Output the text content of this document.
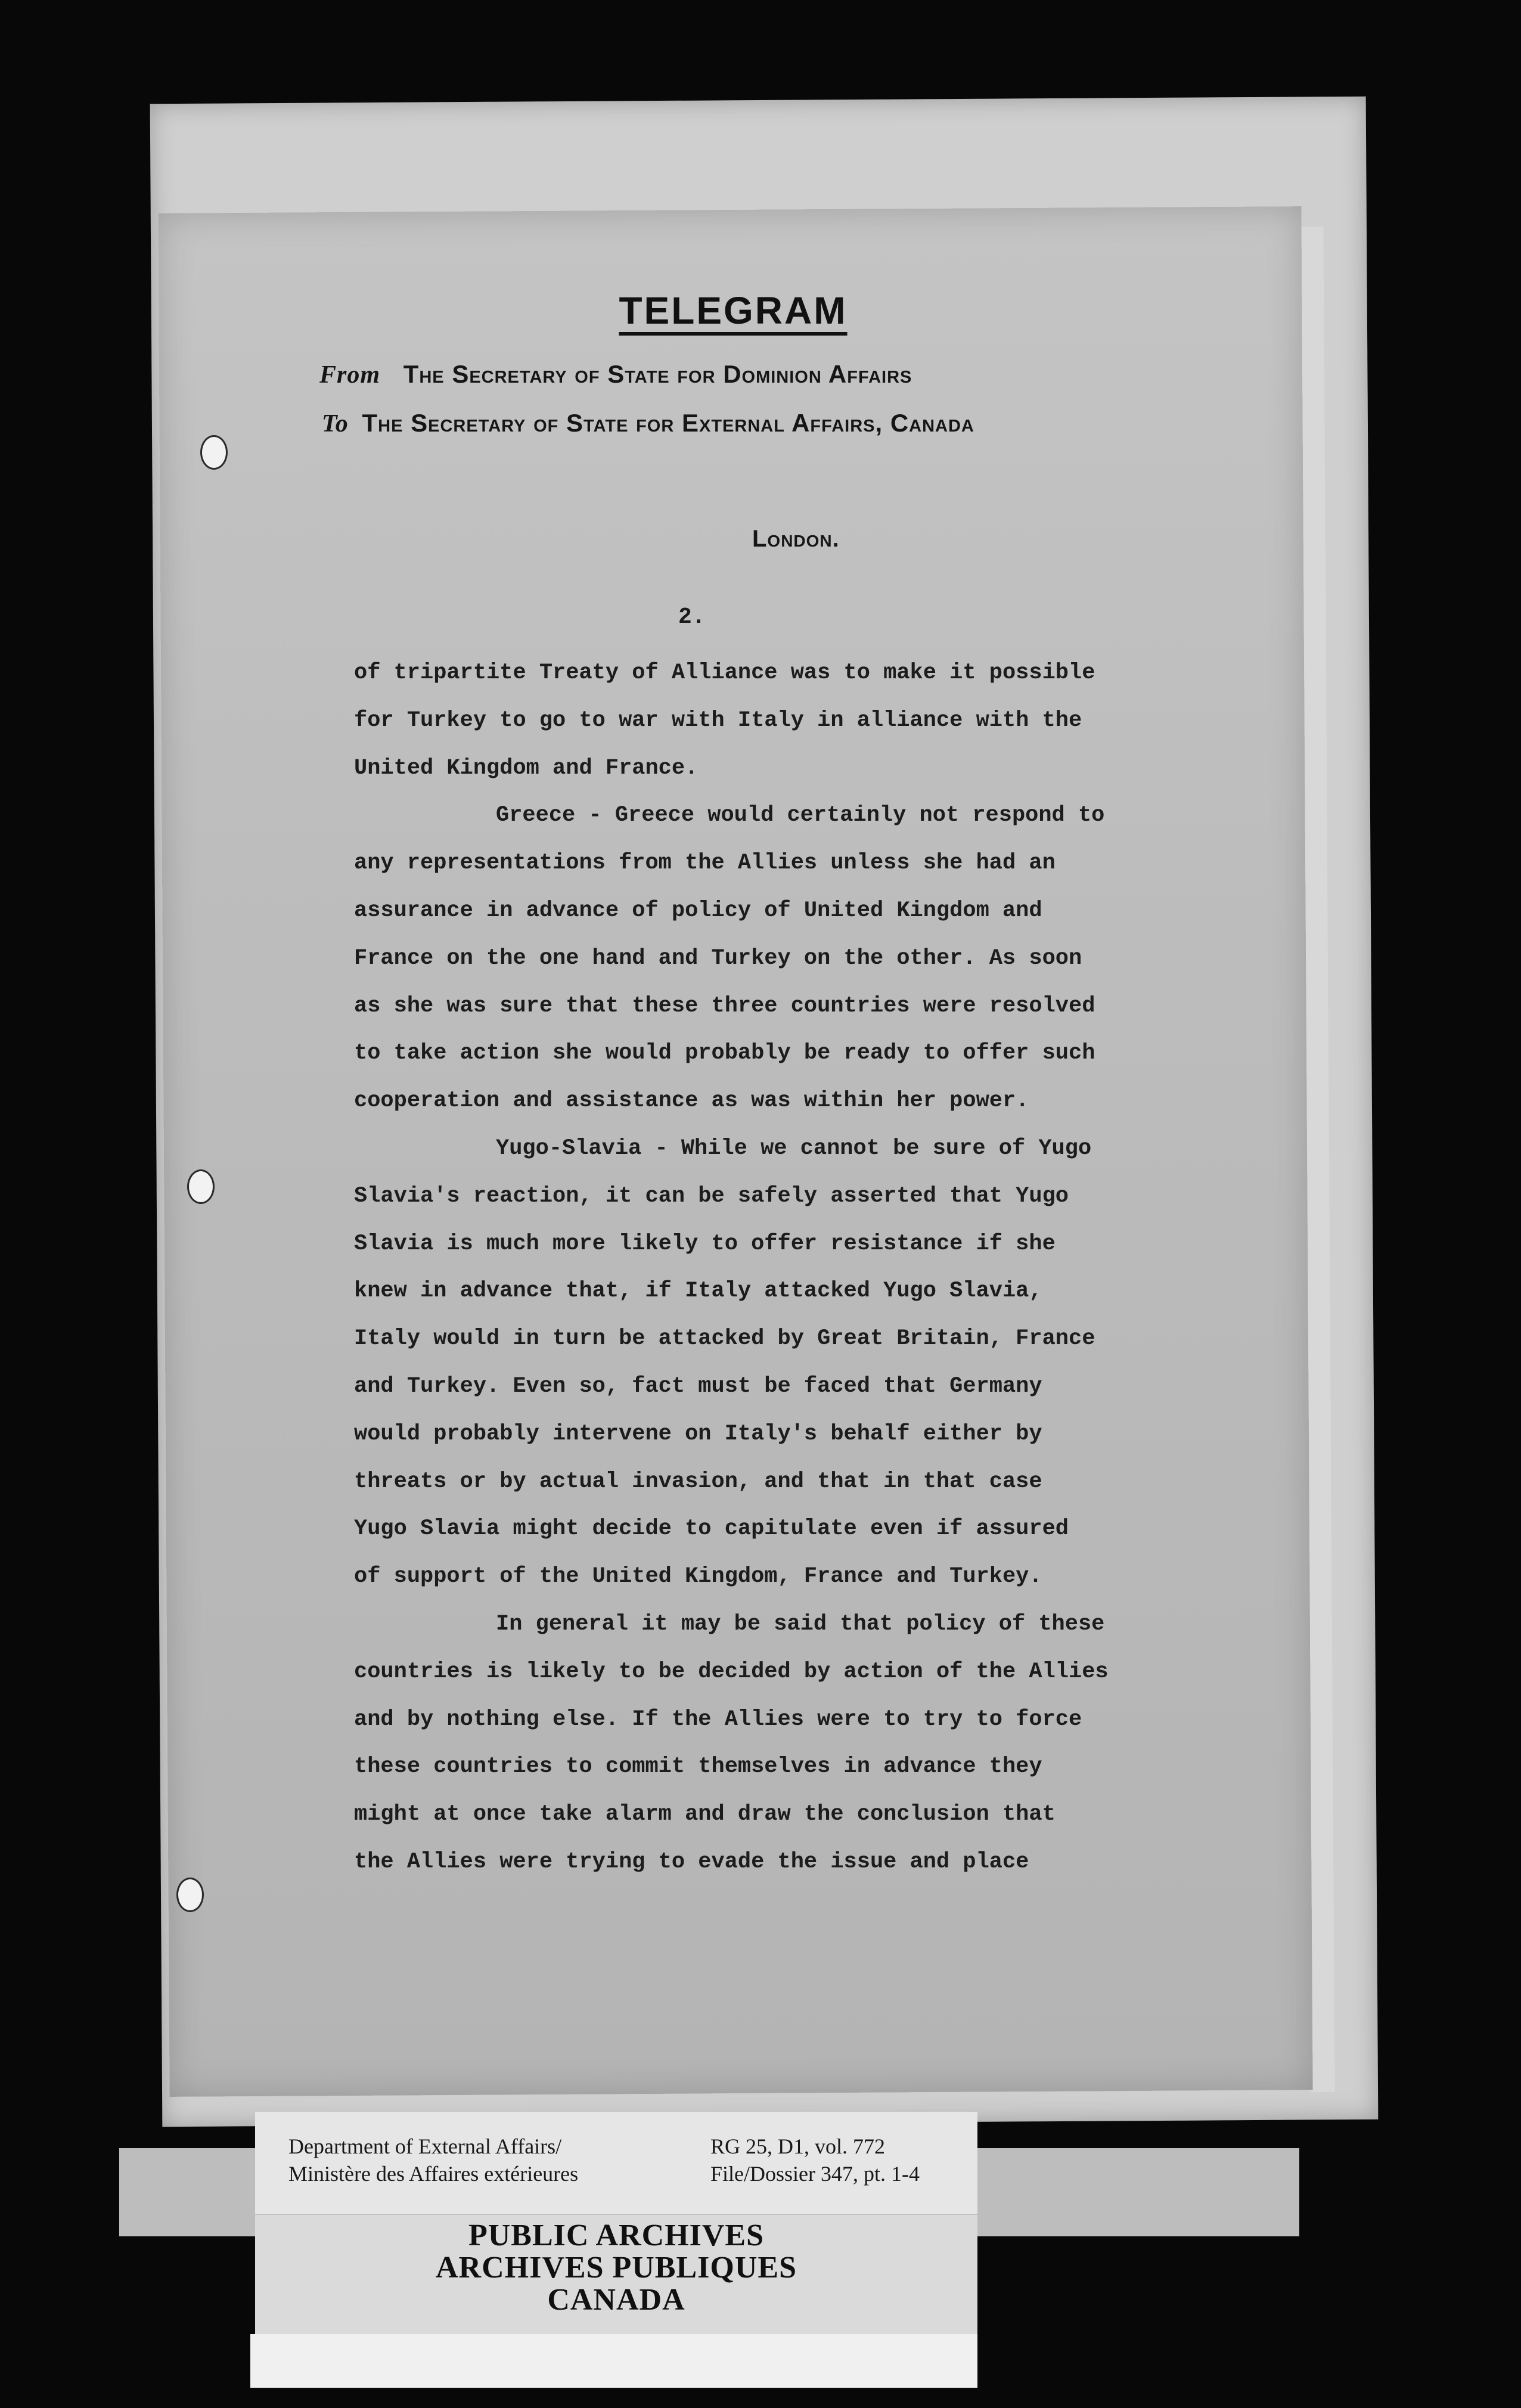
TELEGRAM
From The Secretary of State for Dominion Affairs
To The Secretary of State for External Affairs, Canada
London.
2.
of tripartite Treaty of Alliance was to make it possible
for Turkey to go to war with Italy in alliance with the
United Kingdom and France.
Greece - Greece would certainly not respond to
any representations from the Allies unless she had an
assurance in advance of policy of United Kingdom and
France on the one hand and Turkey on the other. As soon
as she was sure that these three countries were resolved
to take action she would probably be ready to offer such
cooperation and assistance as was within her power.
Yugo-Slavia - While we cannot be sure of Yugo
Slavia's reaction, it can be safely asserted that Yugo
Slavia is much more likely to offer resistance if she
knew in advance that, if Italy attacked Yugo Slavia,
Italy would in turn be attacked by Great Britain, France
and Turkey. Even so, fact must be faced that Germany
would probably intervene on Italy's behalf either by
threats or by actual invasion, and that in that case
Yugo Slavia might decide to capitulate even if assured
of support of the United Kingdom, France and Turkey.
In general it may be said that policy of these
countries is likely to be decided by action of the Allies
and by nothing else. If the Allies were to try to force
these countries to commit themselves in advance they
might at once take alarm and draw the conclusion that
the Allies were trying to evade the issue and place
Department of External Affairs/
Ministère des Affaires extérieures
RG 25, D1, vol. 772
File/Dossier 347, pt. 1-4
PUBLIC ARCHIVES
ARCHIVES PUBLIQUES
CANADA
